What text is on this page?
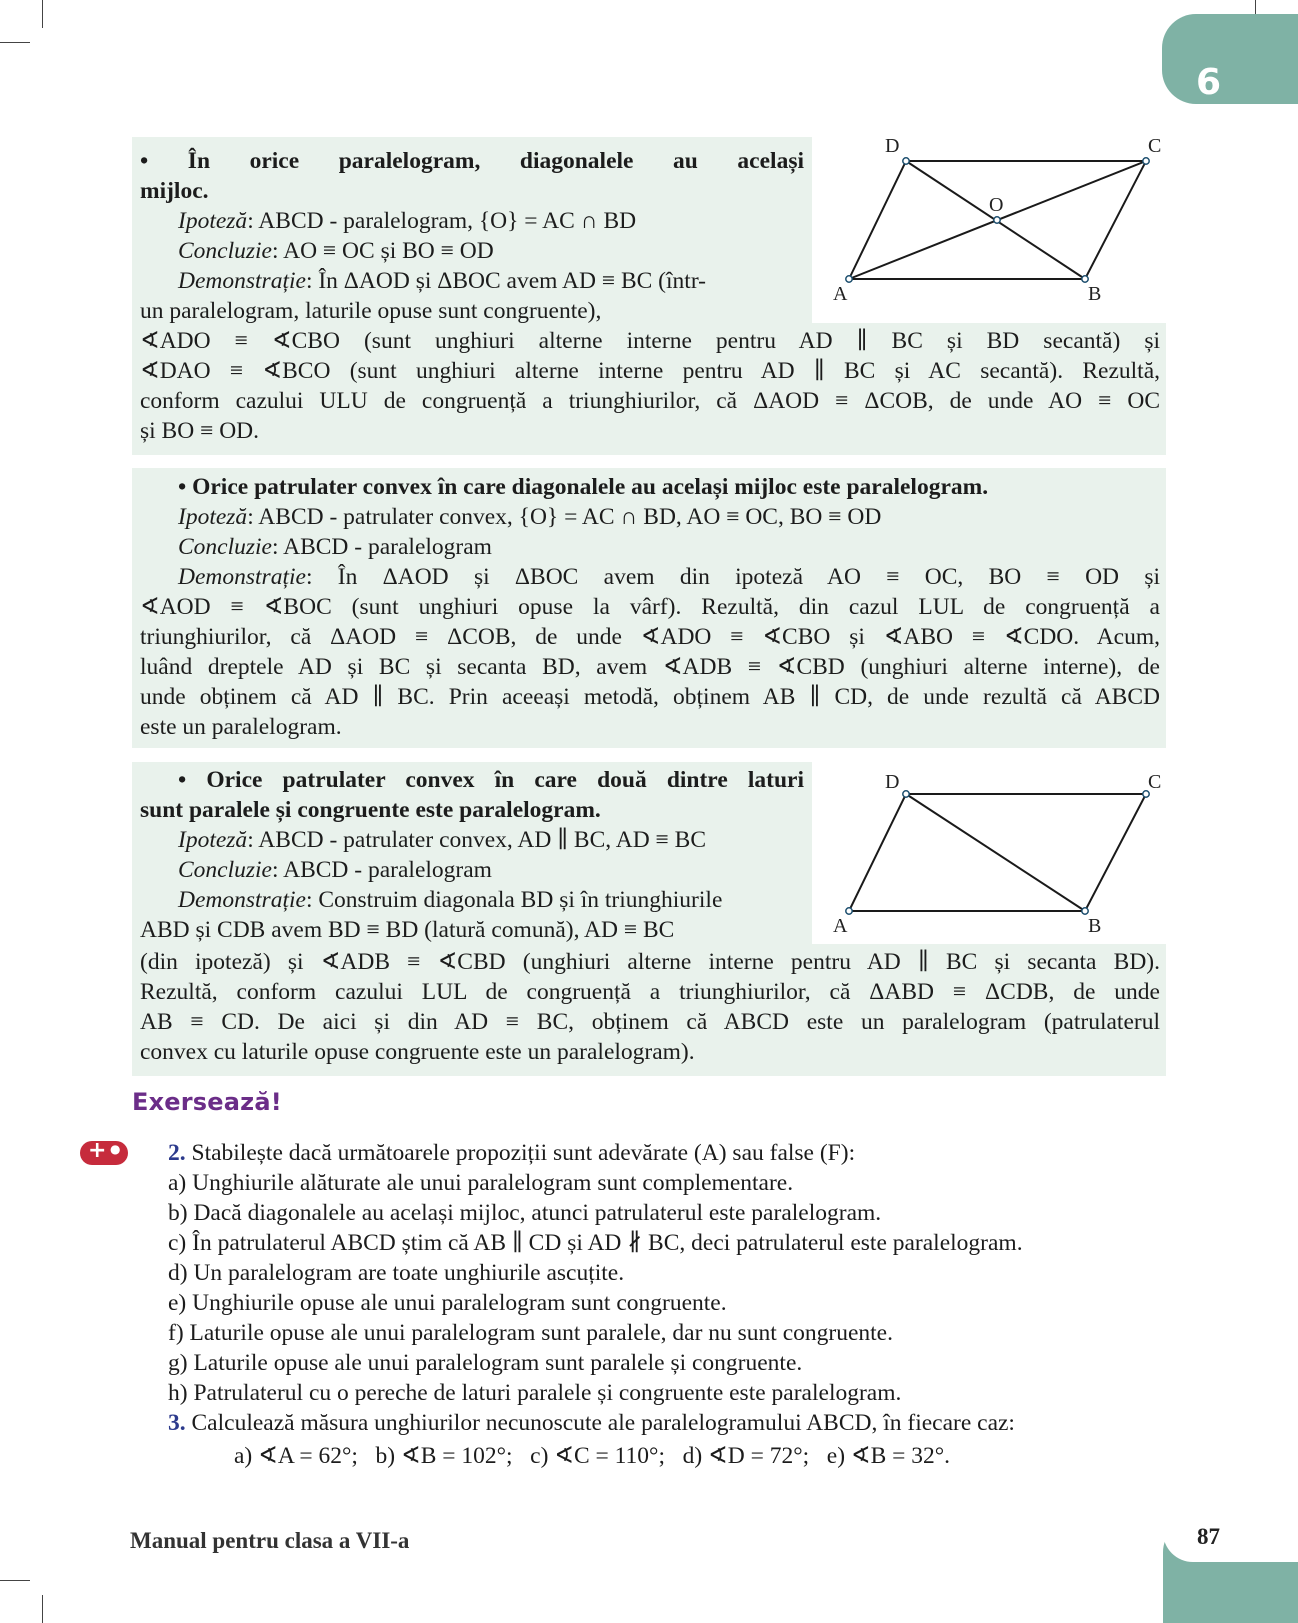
6
• În orice paralelogram, diagonalele au același
mijloc.
Ipoteză: ABCD - paralelogram, {O} = AC ∩ BD
Concluzie: AO ≡ OC și BO ≡ OD
Demonstrație: În ΔAOD și ΔBOC avem AD ≡ BC (într-
un paralelogram, laturile opuse sunt congruente),
∢ADO ≡ ∢CBO (sunt unghiuri alterne interne pentru AD ∥ BC și BD secantă) și
∢DAO ≡ ∢BCO (sunt unghiuri alterne interne pentru AD ∥ BC și AC secantă). Rezultă,
conform cazului ULU de congruență a triunghiurilor, că ΔAOD ≡ ΔCOB, de unde AO ≡ OC
și BO ≡ OD.
A	B
C
D
O
• Orice patrulater convex în care diagonalele au același mijloc este paralelogram.
Ipoteză: ABCD - patrulater convex, {O} = AC ∩ BD, AO ≡ OC, BO ≡ OD
Concluzie: ABCD - paralelogram
Demonstrație: În ΔAOD și ΔBOC avem din ipoteză AO ≡ OC, BO ≡ OD și
∢AOD ≡ ∢BOC (sunt unghiuri opuse la vârf). Rezultă, din cazul LUL de congruență a
triunghiurilor, că ΔAOD ≡ ΔCOB, de unde ∢ADO ≡ ∢CBO și ∢ABO ≡ ∢CDO. Acum,
luând dreptele AD și BC și secanta BD, avem ∢ADB ≡ ∢CBD (unghiuri alterne interne), de
unde obținem că AD ∥ BC. Prin aceeași metodă, obținem AB ∥ CD, de unde rezultă că ABCD
este un paralelogram.
• Orice patrulater convex în care două dintre laturi
sunt paralele și congruente este paralelogram.
Ipoteză: ABCD - patrulater convex, AD ∥ BC, AD ≡ BC
Concluzie: ABCD - paralelogram
Demonstrație: Construim diagonala BD și în triunghiurile
ABD și CDB avem BD ≡ BD (latură comună), AD ≡ BC
(din ipoteză) și ∢ADB ≡ ∢CBD (unghiuri alterne interne pentru AD ∥ BC și secanta BD).
Rezultă, conform cazului LUL de congruență a triunghiurilor, că ΔABD ≡ ΔCDB, de unde
AB ≡ CD. De aici și din AD ≡ BC, obținem că ABCD este un paralelogram (patrulaterul
convex cu laturile opuse congruente este un paralelogram).
A	B
C
D
Exersează!
+ ● 2. Stabilește dacă următoarele propoziții sunt adevărate (A) sau false (F):
a) Unghiurile alăturate ale unui paralelogram sunt complementare.
b) Dacă diagonalele au același mijloc, atunci patrulaterul este paralelogram.
c) În patrulaterul ABCD știm că AB ∥ CD și AD ∦ BC, deci patrulaterul este paralelogram.
d) Un paralelogram are toate unghiurile ascuțite.
e) Unghiurile opuse ale unui paralelogram sunt congruente.
f) Laturile opuse ale unui paralelogram sunt paralele, dar nu sunt congruente.
g) Laturile opuse ale unui paralelogram sunt paralele și congruente.
h) Patrulaterul cu o pereche de laturi paralele și congruente este paralelogram.
3. Calculează măsura unghiurilor necunoscute ale paralelogramului ABCD, în fiecare caz:
a) ∢A = 62°;   b) ∢B = 102°;   c) ∢C = 110°;   d) ∢D = 72°;   e) ∢B = 32°.
Manual pentru clasa a VII-a	87
